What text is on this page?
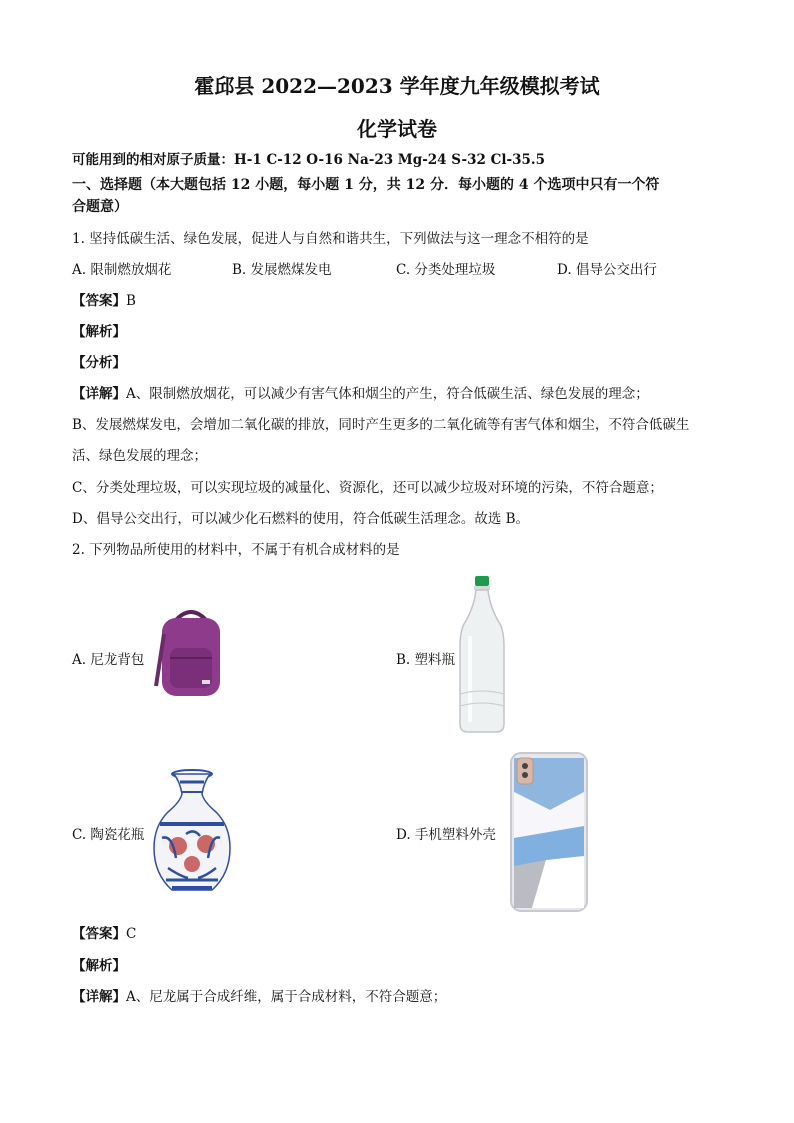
霍邱县 2022—2023 学年度九年级模拟考试
化学试卷
可能用到的相对原子质量：H-1 C-12 O-16 Na-23 Mg-24 S-32 Cl-35.5
一、选择题（本大题包括 12 小题，每小题 1 分，共 12 分．每小题的 4 个选项中只有一个符
合题意）
1. 坚持低碳生活、绿色发展，促进人与自然和谐共生，下列做法与这一理念不相符的是
A. 限制燃放烟花	B. 发展燃煤发电	C. 分类处理垃圾	D. 倡导公交出行
【答案】B
【解析】
【分析】
【详解】A、限制燃放烟花，可以减少有害气体和烟尘的产生，符合低碳生活、绿色发展的理念；
B、发展燃煤发电，会增加二氧化碳的排放，同时产生更多的二氧化硫等有害气体和烟尘，不符合低碳生
活、绿色发展的理念；
C、分类处理垃圾，可以实现垃圾的减量化、资源化，还可以减少垃圾对环境的污染，不符合题意；
D、倡导公交出行，可以减少化石燃料的使用，符合低碳生活理念。故选 B。
2. 下列物品所使用的材料中，不属于有机合成材料的是
A. 尼龙背包	B. 塑料瓶
C. 陶瓷花瓶	D. 手机塑料外壳
【答案】C
【解析】
【详解】A、尼龙属于合成纤维，属于合成材料，不符合题意；
